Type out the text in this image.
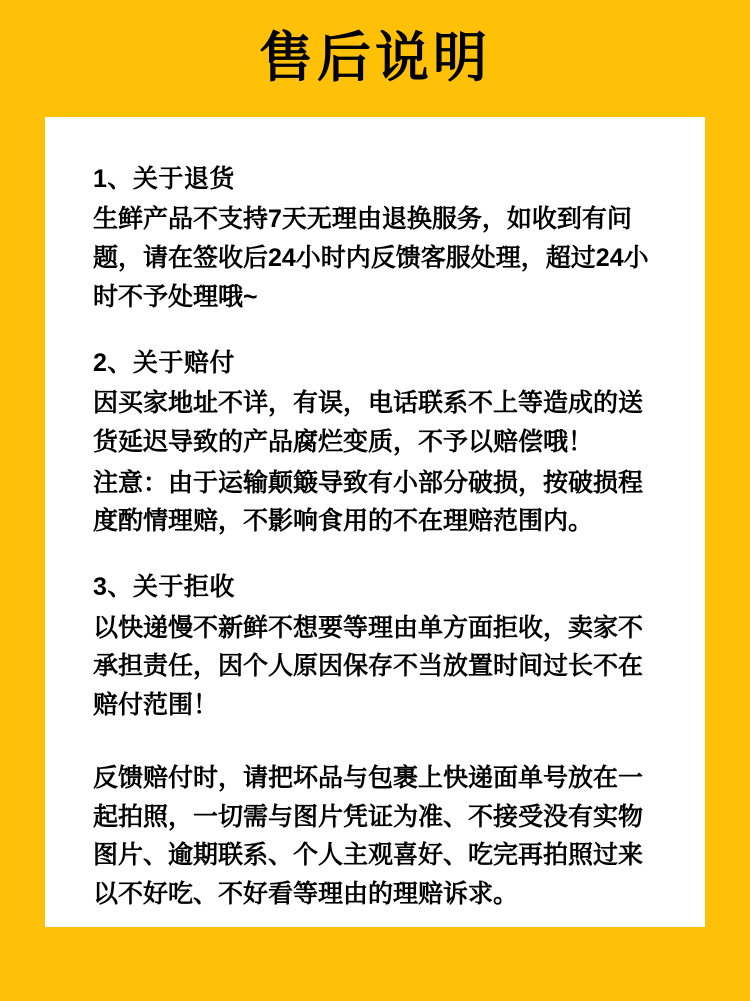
售后说明
1、关于退货
生鲜产品不支持7天无理由退换服务，如收到有问题，请在签收后24小时内反馈客服处理，超过24小时不予处理哦~
2、关于赔付
因买家地址不详，有误，电话联系不上等造成的送货延迟导致的产品腐烂变质，不予以赔偿哦！
注意：由于运输颠簸导致有小部分破损，按破损程度酌情理赔，不影响食用的不在理赔范围内。
3、关于拒收
以快递慢不新鲜不想要等理由单方面拒收，卖家不承担责任，因个人原因保存不当放置时间过长不在赔付范围！
反馈赔付时，请把坏品与包裹上快递面单号放在一起拍照，一切需与图片凭证为准、不接受没有实物图片、逾期联系、个人主观喜好、吃完再拍照过来以不好吃、不好看等理由的理赔诉求。
